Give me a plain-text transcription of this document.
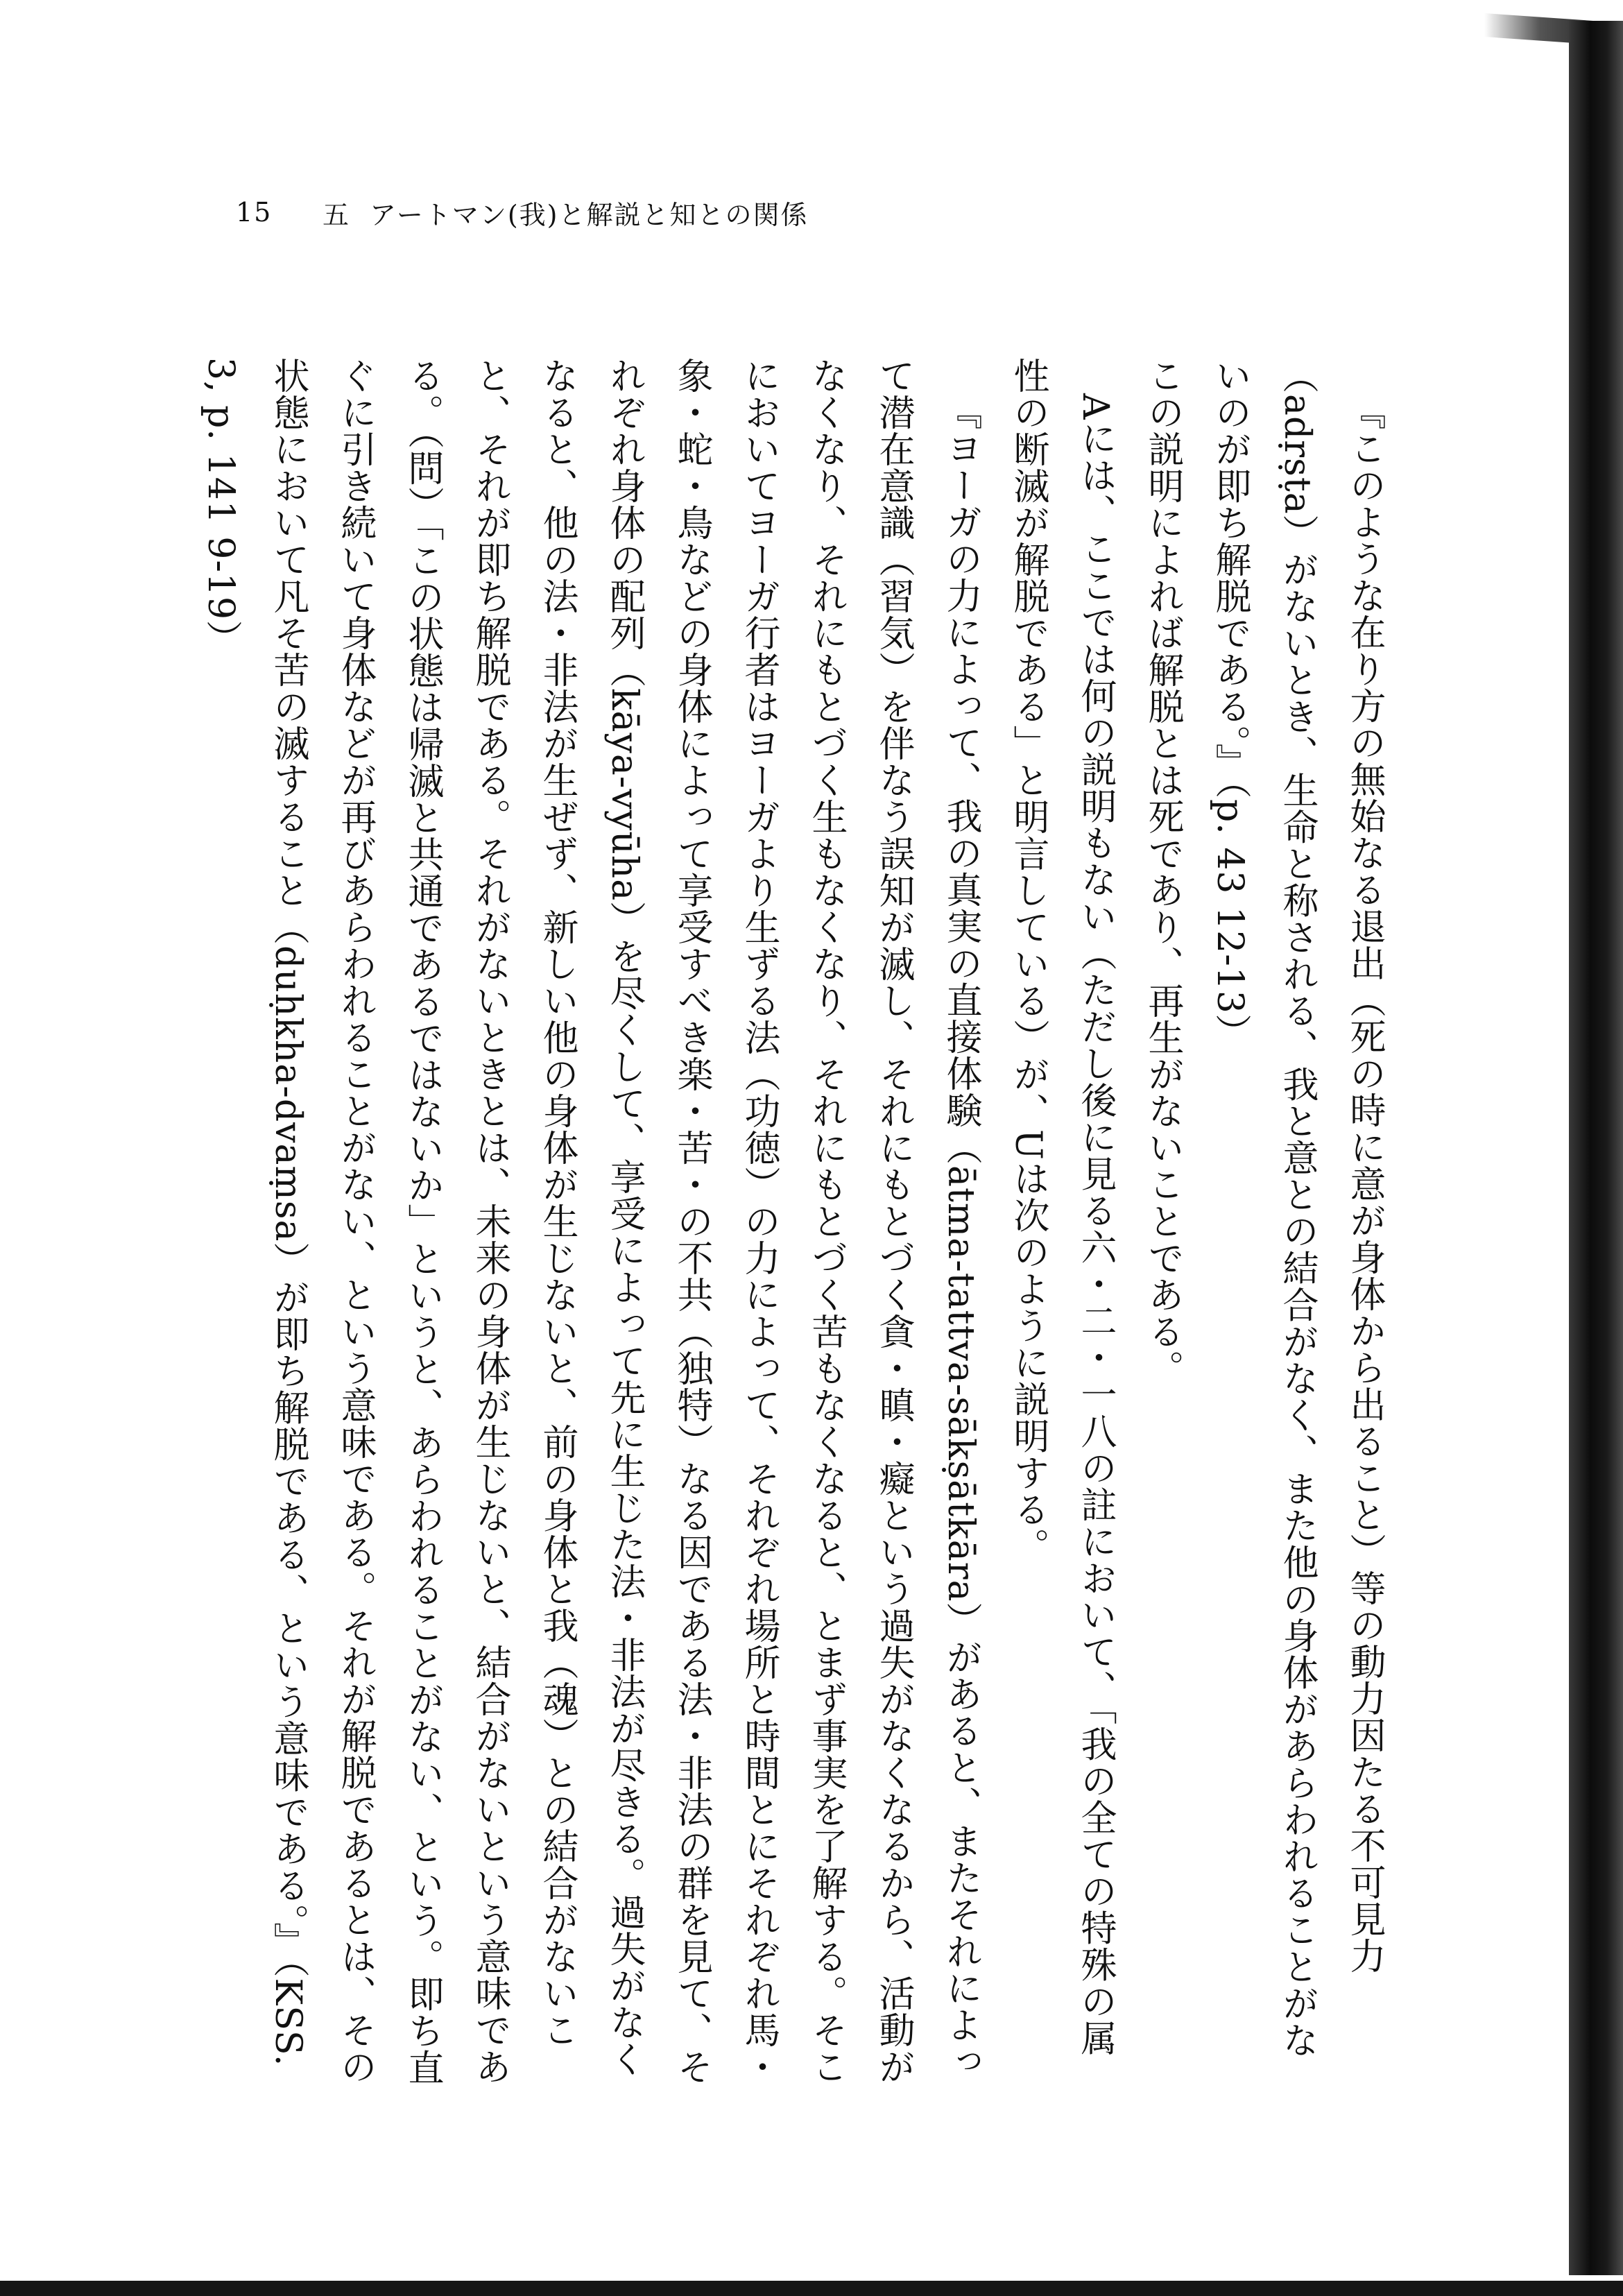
15	五 アートマン(我)と解説と知との関係

『このような在り方の無始なる退出（死の時に意が身体から出ること）等の動力因たる不可見力（adṛṣṭa）がないとき、生命と称される、我と意との結合がなく、また他の身体があらわれることがないのが即ち解脱である。』（p. 43 12-13）

この説明によれば解脱とは死であり、再生がないことである。

Aには、ここでは何の説明もない（ただし後に見る六・二・一八の註において、「我の全ての特殊の属性の断滅が解脱である」と明言している）が、Uは次のように説明する。

『ヨーガの力によって、我の真実の直接体験（ātma-tattva-sākṣātkāra）があると、またそれによって潜在意識（習気）を伴なう誤知が滅し、それにもとづく貪・瞋・癡という過失がなくなるから、活動がなくなり、それにもとづく生もなくなり、それにもとづく苦もなくなると、とまず事実を了解する。そこにおいてヨーガ行者はヨーガより生ずる法（功徳）の力によって、それぞれ場所と時間とにそれぞれ馬・象・蛇・鳥などの身体によって享受すべき楽・苦・の不共（独特）なる因である法・非法の群を見て、それぞれ身体の配列（kāya-vyūha）を尽くして、享受によって先に生じた法・非法が尽きる。過失がなくなると、他の法・非法が生ぜず、新しい他の身体が生じないと、前の身体と我（魂）との結合がないこと、それが即ち解脱である。それがないときとは、未来の身体が生じないと、結合がないという意味である。（問）「この状態は帰滅と共通であるではないか」というと、あらわれることがない、という。即ち直ぐに引き続いて身体などが再びあらわれることがない、という意味である。それが解脱であるとは、その状態において凡そ苦の滅すること（duḥkha-dvaṃsa）が即ち解脱である、という意味である。』（KSS. 3, p. 141 9-19）
